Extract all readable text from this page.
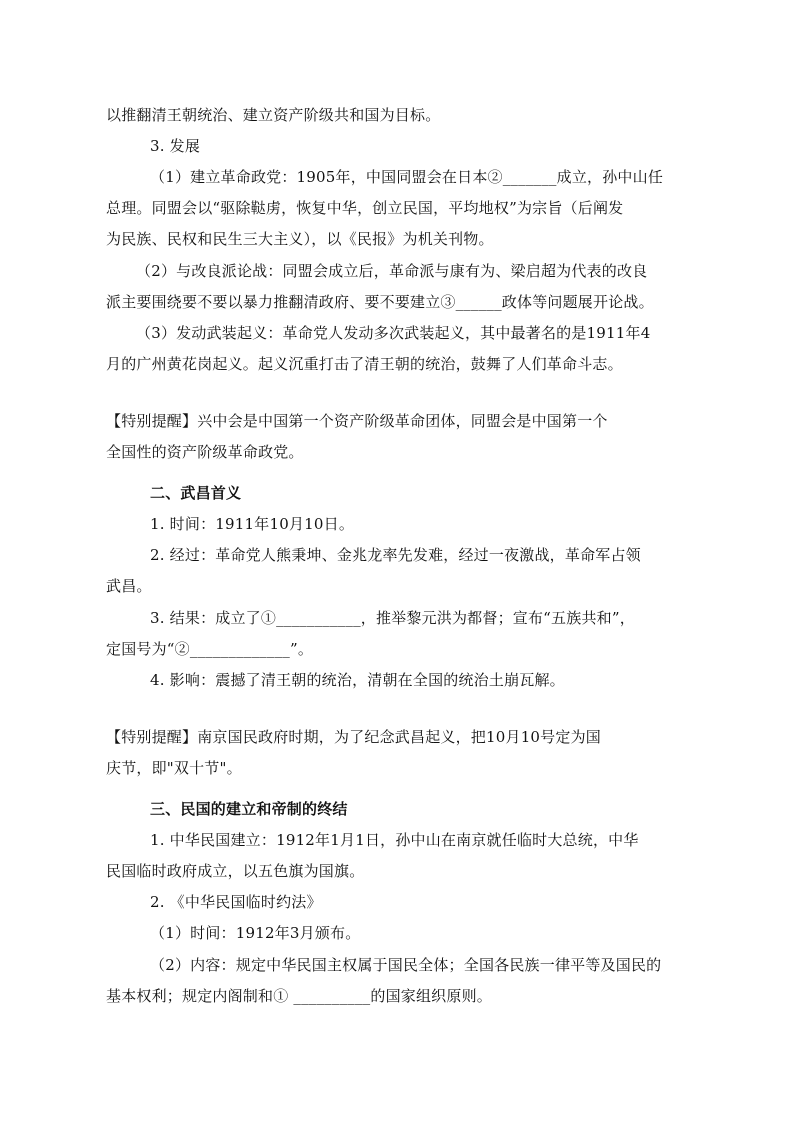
以推翻清王朝统治、建立资产阶级共和国为目标。
3. 发展
（1）建立革命政党：1905年，中国同盟会在日本②_______成立，孙中山任
总理。同盟会以“驱除鞑虏，恢复中华，创立民国，平均地权”为宗旨（后阐发
为民族、民权和民生三大主义），以《民报》为机关刊物。
（2）与改良派论战：同盟会成立后，革命派与康有为、梁启超为代表的改良
派主要围绕要不要以暴力推翻清政府、要不要建立③______政体等问题展开论战。
（3）发动武装起义：革命党人发动多次武装起义，其中最著名的是1911年4
月的广州黄花岗起义。起义沉重打击了清王朝的统治，鼓舞了人们革命斗志。
【特别提醒】兴中会是中国第一个资产阶级革命团体，同盟会是中国第一个
全国性的资产阶级革命政党。
二、武昌首义
1. 时间：1911年10月10日。
2. 经过：革命党人熊秉坤、金兆龙率先发难，经过一夜激战，革命军占领
武昌。
3. 结果：成立了①___________，推举黎元洪为都督；宣布“五族共和”，
定国号为“②_____________”。
4. 影响：震撼了清王朝的统治，清朝在全国的统治土崩瓦解。
【特别提醒】南京国民政府时期，为了纪念武昌起义，把10月10号定为国
庆节，即"双十节"。
三、民国的建立和帝制的终结
1. 中华民国建立：1912年1月1日，孙中山在南京就任临时大总统，中华
民国临时政府成立，以五色旗为国旗。
2. 《中华民国临时约法》
（1）时间：1912年3月颁布。
（2）内容：规定中华民国主权属于国民全体；全国各民族一律平等及国民的
基本权利；规定内阁制和① __________的国家组织原则。
